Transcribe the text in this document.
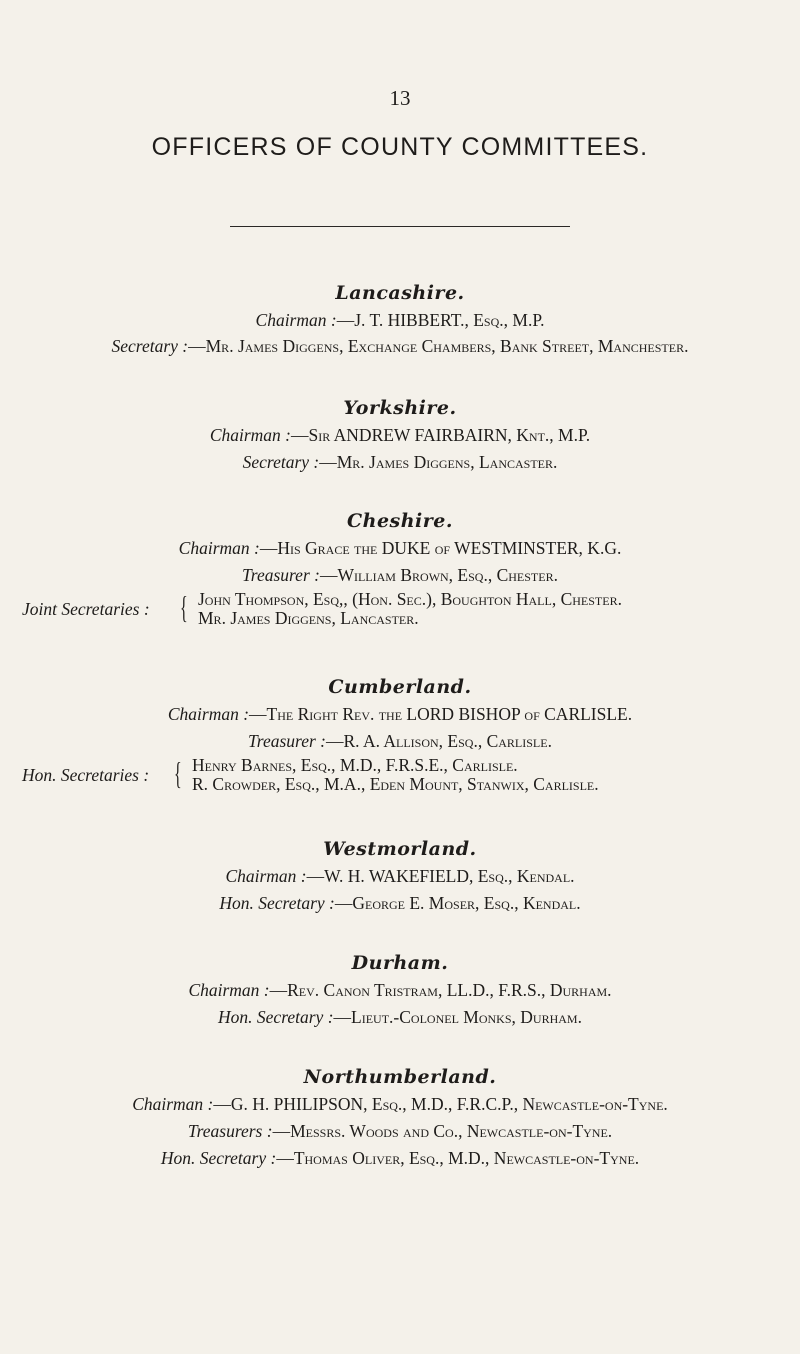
13
OFFICERS OF COUNTY COMMITTEES.
Lancashire.
Chairman :—J. T. HIBBERT., Esq., M.P.
Secretary :—Mr. James Diggens, Exchange Chambers, Bank Street, Manchester.
Yorkshire.
Chairman :—Sir ANDREW FAIRBAIRN, Knt., M.P.
Secretary :—Mr. James Diggens, Lancaster.
Cheshire.
Chairman :—His Grace the DUKE of WESTMINSTER, K.G.
Treasurer :—William Brown, Esq., Chester.
Joint Secretaries : { John Thompson, Esq,, (Hon. Sec.), Boughton Hall, Chester.
Mr. James Diggens, Lancaster.
Cumberland.
Chairman :—The Right Rev. the LORD BISHOP of CARLISLE.
Treasurer :—R. A. Allison, Esq., Carlisle.
Hon. Secretaries : { Henry Barnes, Esq., M.D., F.R.S.E., Carlisle.
R. Crowder, Esq., M.A., Eden Mount, Stanwix, Carlisle.
Westmorland.
Chairman :—W. H. WAKEFIELD, Esq., Kendal.
Hon. Secretary :—George E. Moser, Esq., Kendal.
Durham.
Chairman :—Rev. Canon Tristram, LL.D., F.R.S., Durham.
Hon. Secretary :—Lieut.-Colonel Monks, Durham.
Northumberland.
Chairman :—G. H. PHILIPSON, Esq., M.D., F.R.C.P., Newcastle-on-Tyne.
Treasurers :—Messrs. Woods and Co., Newcastle-on-Tyne.
Hon. Secretary :—Thomas Oliver, Esq., M.D., Newcastle-on-Tyne.
